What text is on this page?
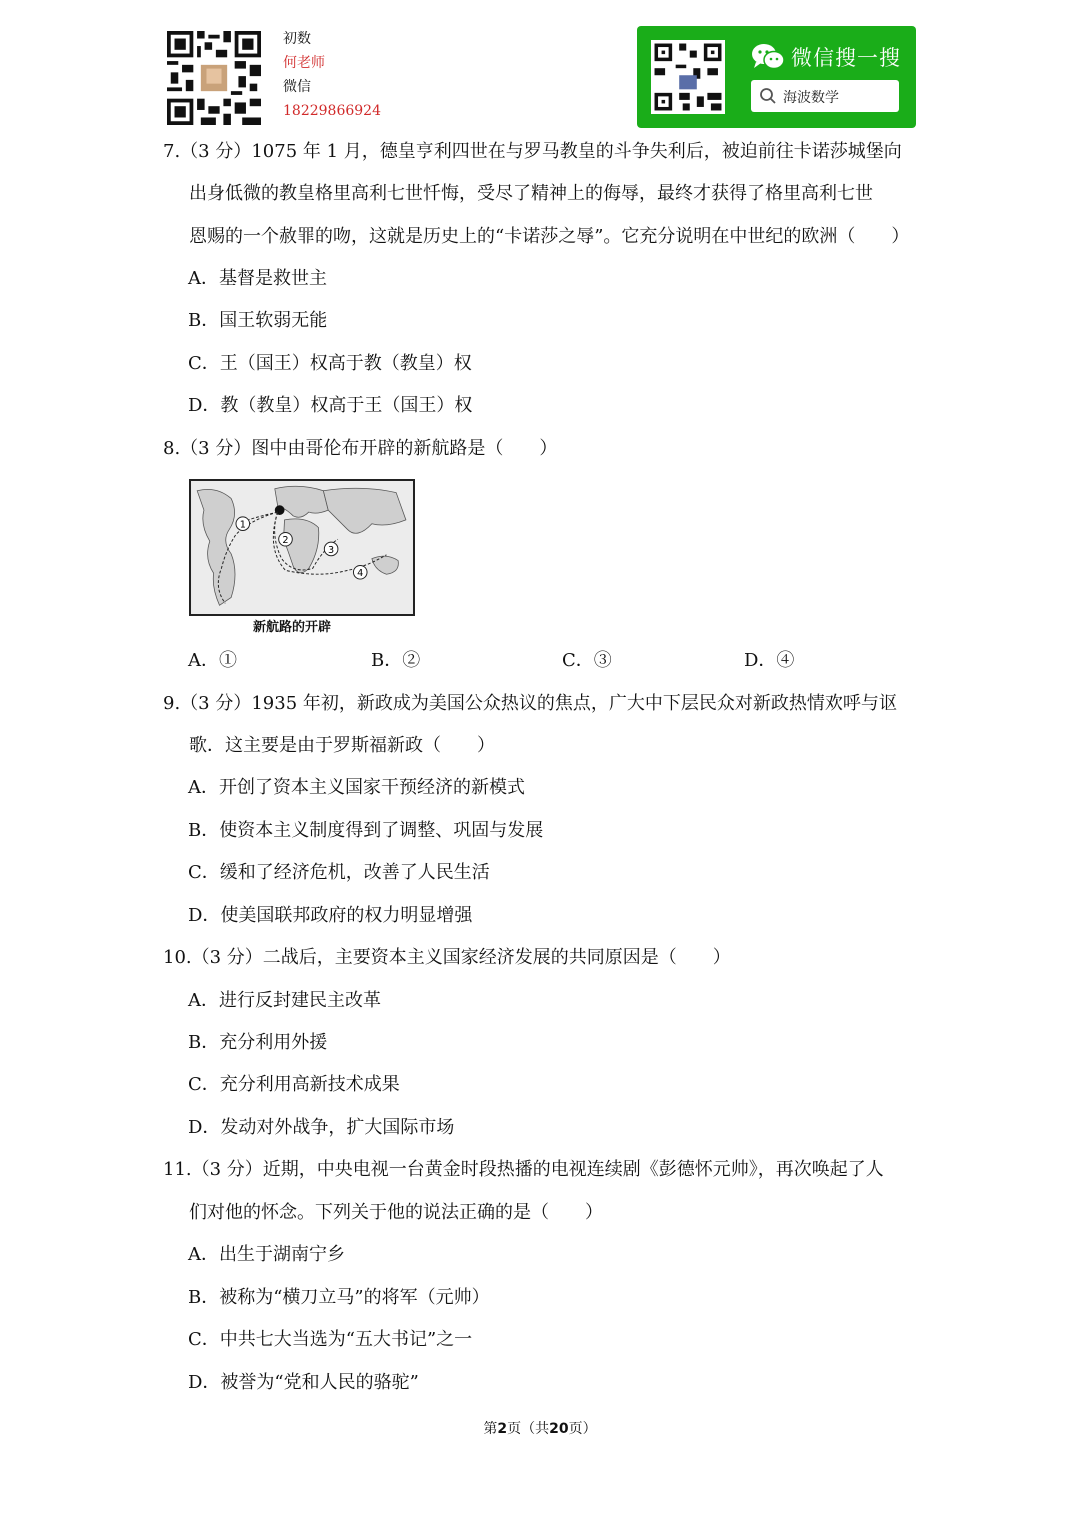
初数
何老师
微信
18229866924
微信搜一搜
海波数学
7.（3 分）1075 年 1 月，德皇亨利四世在与罗马教皇的斗争失利后，被迫前往卡诺莎城堡向
出身低微的教皇格里高利七世忏悔，受尽了精神上的侮辱，最终才获得了格里高利七世
恩赐的一个赦罪的吻，这就是历史上的“卡诺莎之辱”。它充分说明在中世纪的欧洲（　　）
A．基督是救世主
B．国王软弱无能
C．王（国王）权高于教（教皇）权
D．教（教皇）权高于王（国王）权
8.（3 分）图中由哥伦布开辟的新航路是（　　）
1
2
3
4
新航路的开辟
A．①	B．②	C．③	D．④
9.（3 分）1935 年初，新政成为美国公众热议的焦点，广大中下层民众对新政热情欢呼与讴
歌．这主要是由于罗斯福新政（　　）
A．开创了资本主义国家干预经济的新模式
B．使资本主义制度得到了调整、巩固与发展
C．缓和了经济危机，改善了人民生活
D．使美国联邦政府的权力明显增强
10.（3 分）二战后，主要资本主义国家经济发展的共同原因是（　　）
A．进行反封建民主改革
B．充分利用外援
C．充分利用高新技术成果
D．发动对外战争，扩大国际市场
11.（3 分）近期，中央电视一台黄金时段热播的电视连续剧《彭德怀元帅》，再次唤起了人
们对他的怀念。下列关于他的说法正确的是（　　）
A．出生于湖南宁乡
B．被称为“横刀立马”的将军（元帅）
C．中共七大当选为“五大书记”之一
D．被誉为“党和人民的骆驼”
第2页（共20页）
